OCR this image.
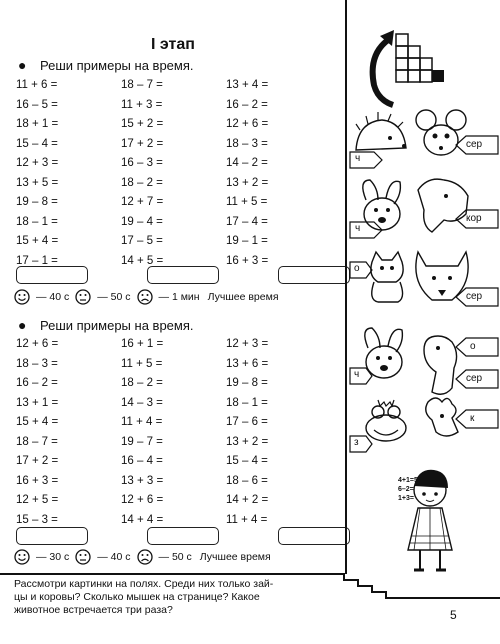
I этап
● Реши примеры на время.
11 + 6 =	18 – 7 =	13 + 4 =
16 – 5 =	11 + 3 =	16 – 2 =
18 + 1 =	15 + 2 =	12 + 6 =
15 – 4 =	17 + 2 =	18 – 3 =
12 + 3 =	16 – 3 =	14 – 2 =
13 + 5 =	18 – 2 =	13 + 2 =
19 – 8 =	12 + 7 =	11 + 5 =
18 – 1 =	19 – 4 =	17 – 4 =
15 + 4 =	17 – 5 =	19 – 1 =
17 – 1 =	14 + 5 =	16 + 3 =
— 40 с	— 50 с	— 1 мин Лучшее время
● Реши примеры на время.
12 + 6 =	16 + 1 =	12 + 3 =
18 – 3 =	11 + 5 =	13 + 6 =
16 – 2 =	18 – 2 =	19 – 8 =
13 + 1 =	14 – 3 =	18 – 1 =
15 + 4 =	11 + 4 =	17 – 6 =
18 – 7 =	19 – 7 =	13 + 2 =
17 + 2 =	16 – 4 =	15 – 4 =
16 + 3 =	13 + 3 =	18 – 6 =
12 + 5 =	12 + 6 =	14 + 2 =
15 – 3 =	14 + 4 =	11 + 4 =
— 30 с	— 40 с	— 50 с Лучшее время
ч
сер
ч
кор
о
сер
о
ч	сер
з
к
4+1=5
6–2=
1+3=
Рассмотри картинки на полях. Среди них только зай-
цы и коровы? Сколько мышек на странице? Какое
животное встречается три раза?	5
